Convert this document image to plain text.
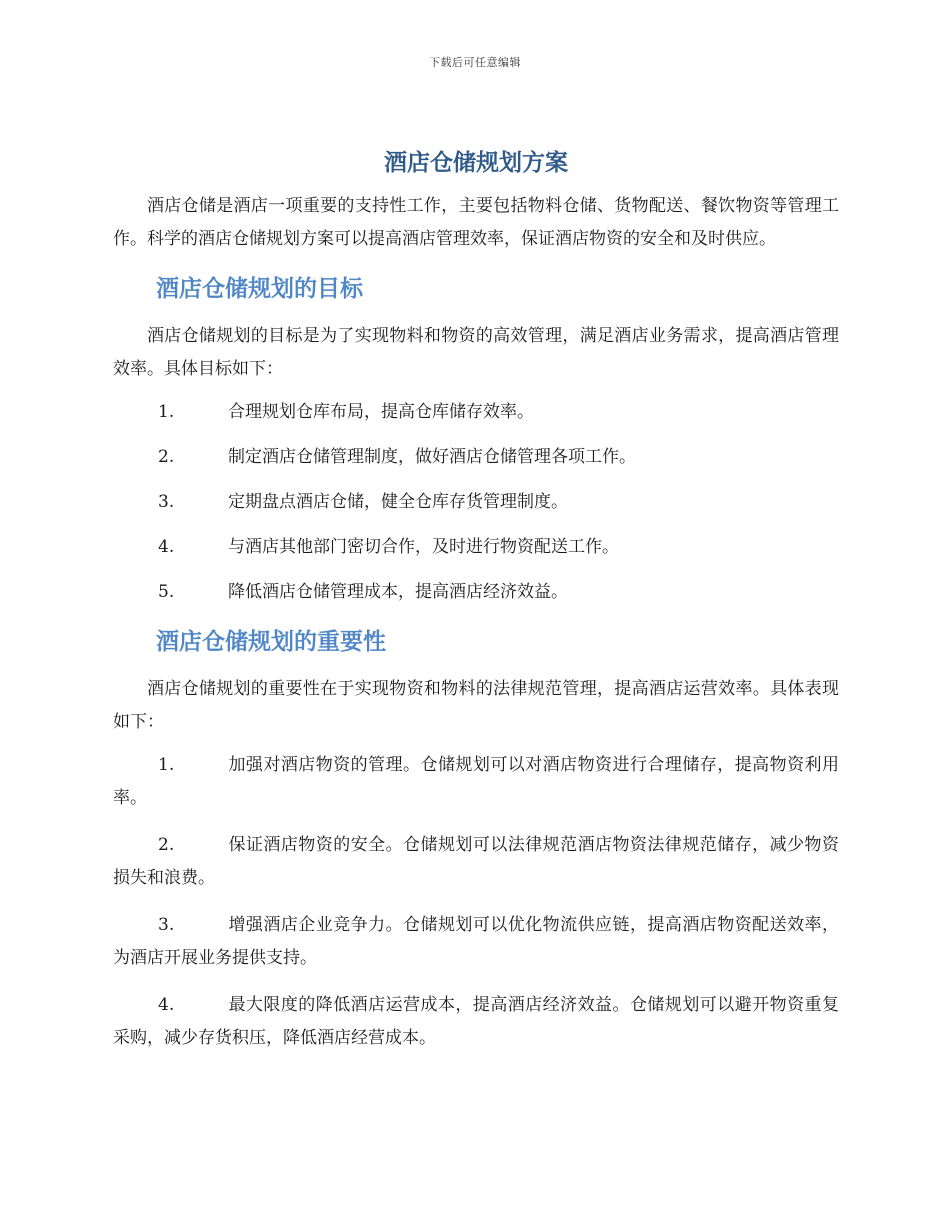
下载后可任意编辑
酒店仓储规划方案

酒店仓储是酒店一项重要的支持性工作，主要包括物料仓储、货物配送、餐饮物资等管理工作。科学的酒店仓储规划方案可以提高酒店管理效率，保证酒店物资的安全和及时供应。

酒店仓储规划的目标

酒店仓储规划的目标是为了实现物料和物资的高效管理，满足酒店业务需求，提高酒店管理效率。具体目标如下：

1.	合理规划仓库布局，提高仓库储存效率。
2.	制定酒店仓储管理制度，做好酒店仓储管理各项工作。
3.	定期盘点酒店仓储，健全仓库存货管理制度。
4.	与酒店其他部门密切合作，及时进行物资配送工作。
5.	降低酒店仓储管理成本，提高酒店经济效益。
酒店仓储规划的重要性

酒店仓储规划的重要性在于实现物资和物料的法律规范管理，提高酒店运营效率。具体表现如下：

1.	加强对酒店物资的管理。仓储规划可以对酒店物资进行合理储存，提高物资利用率。
2.	保证酒店物资的安全。仓储规划可以法律规范酒店物资法律规范储存，减少物资损失和浪费。
3.	增强酒店企业竞争力。仓储规划可以优化物流供应链，提高酒店物资配送效率，为酒店开展业务提供支持。
4.	最大限度的降低酒店运营成本，提高酒店经济效益。仓储规划可以避开物资重复采购，减少存货积压，降低酒店经营成本。
